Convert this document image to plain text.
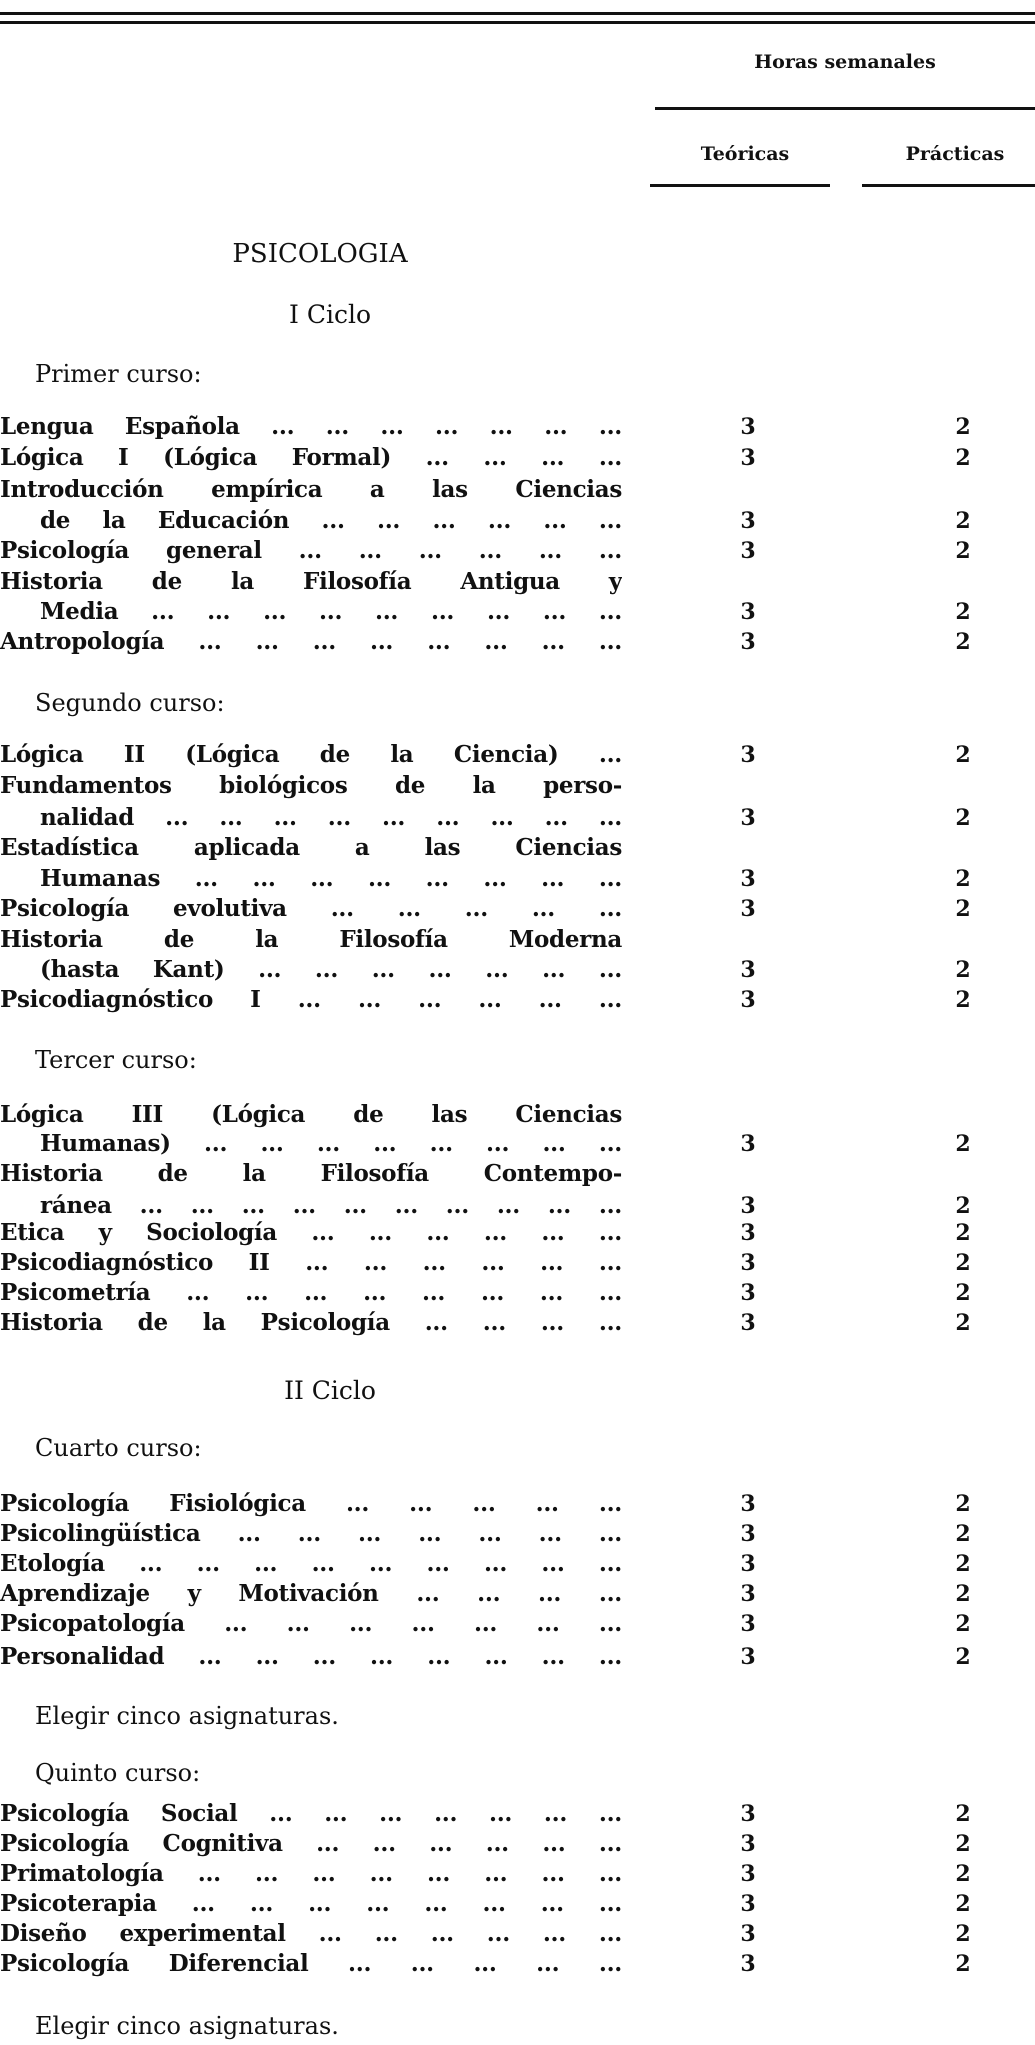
Horas semanales
Teóricas	Prácticas
PSICOLOGIA
I Ciclo
Primer curso:
Lengua Española ... ... ... ... ... ... ...	3	2
Lógica I (Lógica Formal) ... ... ... ...	3	2
Introducción empírica a las Ciencias
de la Educación ... ... ... ... ... ...	3	2
Psicología general ... ... ... ... ... ...	3	2
Historia de la Filosofía Antigua y
Media ... ... ... ... ... ... ... ... ...	3	2
Antropología ... ... ... ... ... ... ... ...	3	2
Segundo curso:
Lógica II (Lógica de la Ciencia) ...	3	2
Fundamentos biológicos de la perso-
nalidad ... ... ... ... ... ... ... ... ...	3	2
Estadística aplicada a las Ciencias
Humanas ... ... ... ... ... ... ... ...	3	2
Psicología evolutiva ... ... ... ... ...	3	2
Historia de la Filosofía Moderna
(hasta Kant) ... ... ... ... ... ... ...	3	2
Psicodiagnóstico I ... ... ... ... ... ...	3	2
Tercer curso:
Lógica III (Lógica de las Ciencias
Humanas) ... ... ... ... ... ... ... ...	3	2
Historia de la Filosofía Contempo-
ránea ... ... ... ... ... ... ... ... ... ...	3	2
Etica y Sociología ... ... ... ... ... ...	3	2
Psicodiagnóstico II ... ... ... ... ... ...	3	2
Psicometría ... ... ... ... ... ... ... ...	3	2
Historia de la Psicología ... ... ... ...	3	2
II Ciclo
Cuarto curso:
Psicología Fisiológica ... ... ... ... ...	3	2
Psicolingüística ... ... ... ... ... ... ...	3	2
Etología ... ... ... ... ... ... ... ... ...	3	2
Aprendizaje y Motivación ... ... ... ...	3	2
Psicopatología ... ... ... ... ... ... ...	3	2
Personalidad ... ... ... ... ... ... ... ...	3	2
Elegir cinco asignaturas.
Quinto curso:
Psicología Social ... ... ... ... ... ... ...	3	2
Psicología Cognitiva ... ... ... ... ... ...	3	2
Primatología ... ... ... ... ... ... ... ...	3	2
Psicoterapia ... ... ... ... ... ... ... ...	3	2
Diseño experimental ... ... ... ... ... ...	3	2
Psicología Diferencial ... ... ... ... ...	3	2
Elegir cinco asignaturas.
